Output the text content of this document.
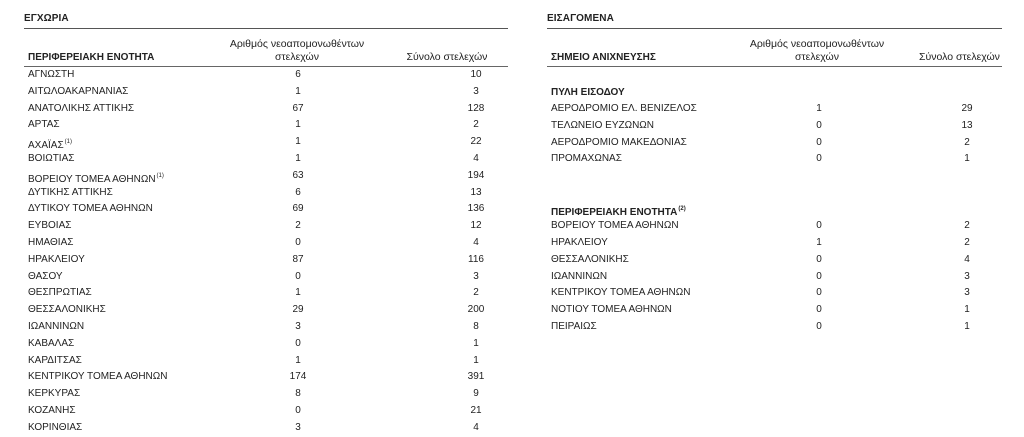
ΕΓΧΩΡΙΑ
ΠΕΡΙΦΕΡΕΙΑΚΗ ΕΝΟΤΗΤΑ
Αριθμός νεοαπομονωθέντων
στελεχών	Σύνολο στελεχών
ΑΓΝΩΣΤΗ	6	10
ΑΙΤΩΛΟΑΚΑΡΝΑΝΙΑΣ	1	3
ΑΝΑΤΟΛΙΚΗΣ ΑΤΤΙΚΗΣ	67	128
ΑΡΤΑΣ	1	2
ΑΧΑΪΑΣ$^{(1)}$	1	22
ΒΟΙΩΤΙΑΣ	1	4
ΒΟΡΕΙΟΥ ΤΟΜΕΑ ΑΘΗΝΩΝ$^{(1)}$	63	194
ΔΥΤΙΚΗΣ ΑΤΤΙΚΗΣ	6	13
ΔΥΤΙΚΟΥ ΤΟΜΕΑ ΑΘΗΝΩΝ	69	136
ΕΥΒΟΙΑΣ	2	12
ΗΜΑΘΙΑΣ	0	4
ΗΡΑΚΛΕΙΟΥ	87	116
ΘΑΣΟΥ	0	3
ΘΕΣΠΡΩΤΙΑΣ	1	2
ΘΕΣΣΑΛΟΝΙΚΗΣ	29	200
ΙΩΑΝΝΙΝΩΝ	3	8
ΚΑΒΑΛΑΣ	0	1
ΚΑΡΔΙΤΣΑΣ	1	1
ΚΕΝΤΡΙΚΟΥ ΤΟΜΕΑ ΑΘΗΝΩΝ	174	391
ΚΕΡΚΥΡΑΣ	8	9
ΚΟΖΑΝΗΣ	0	21
ΚΟΡΙΝΘΙΑΣ	3	4
ΕΙΣΑΓΟΜΕΝΑ
ΣΗΜΕΙΟ ΑΝΙΧΝΕΥΣΗΣ
Αριθμός νεοαπομονωθέντων
στελεχών	Σύνολο στελεχών
ΠΥΛΗ ΕΙΣΟΔΟΥ
ΑΕΡΟΔΡΟΜΙΟ ΕΛ. ΒΕΝΙΖΕΛΟΣ	1	29
ΤΕΛΩΝΕΙΟ ΕΥΖΩΝΩΝ	0	13
ΑΕΡΟΔΡΟΜΙΟ ΜΑΚΕΔΟΝΙΑΣ	0	2
ΠΡΟΜΑΧΩΝΑΣ	0	1
ΠΕΡΙΦΕΡΕΙΑΚΗ ΕΝΟΤΗΤΑ$^{(2)}$
ΒΟΡΕΙΟΥ ΤΟΜΕΑ ΑΘΗΝΩΝ	0	2
ΗΡΑΚΛΕΙΟΥ	1	2
ΘΕΣΣΑΛΟΝΙΚΗΣ	0	4
ΙΩΑΝΝΙΝΩΝ	0	3
ΚΕΝΤΡΙΚΟΥ ΤΟΜΕΑ ΑΘΗΝΩΝ	0	3
ΝΟΤΙΟΥ ΤΟΜΕΑ ΑΘΗΝΩΝ	0	1
ΠΕΙΡΑΙΩΣ	0	1
